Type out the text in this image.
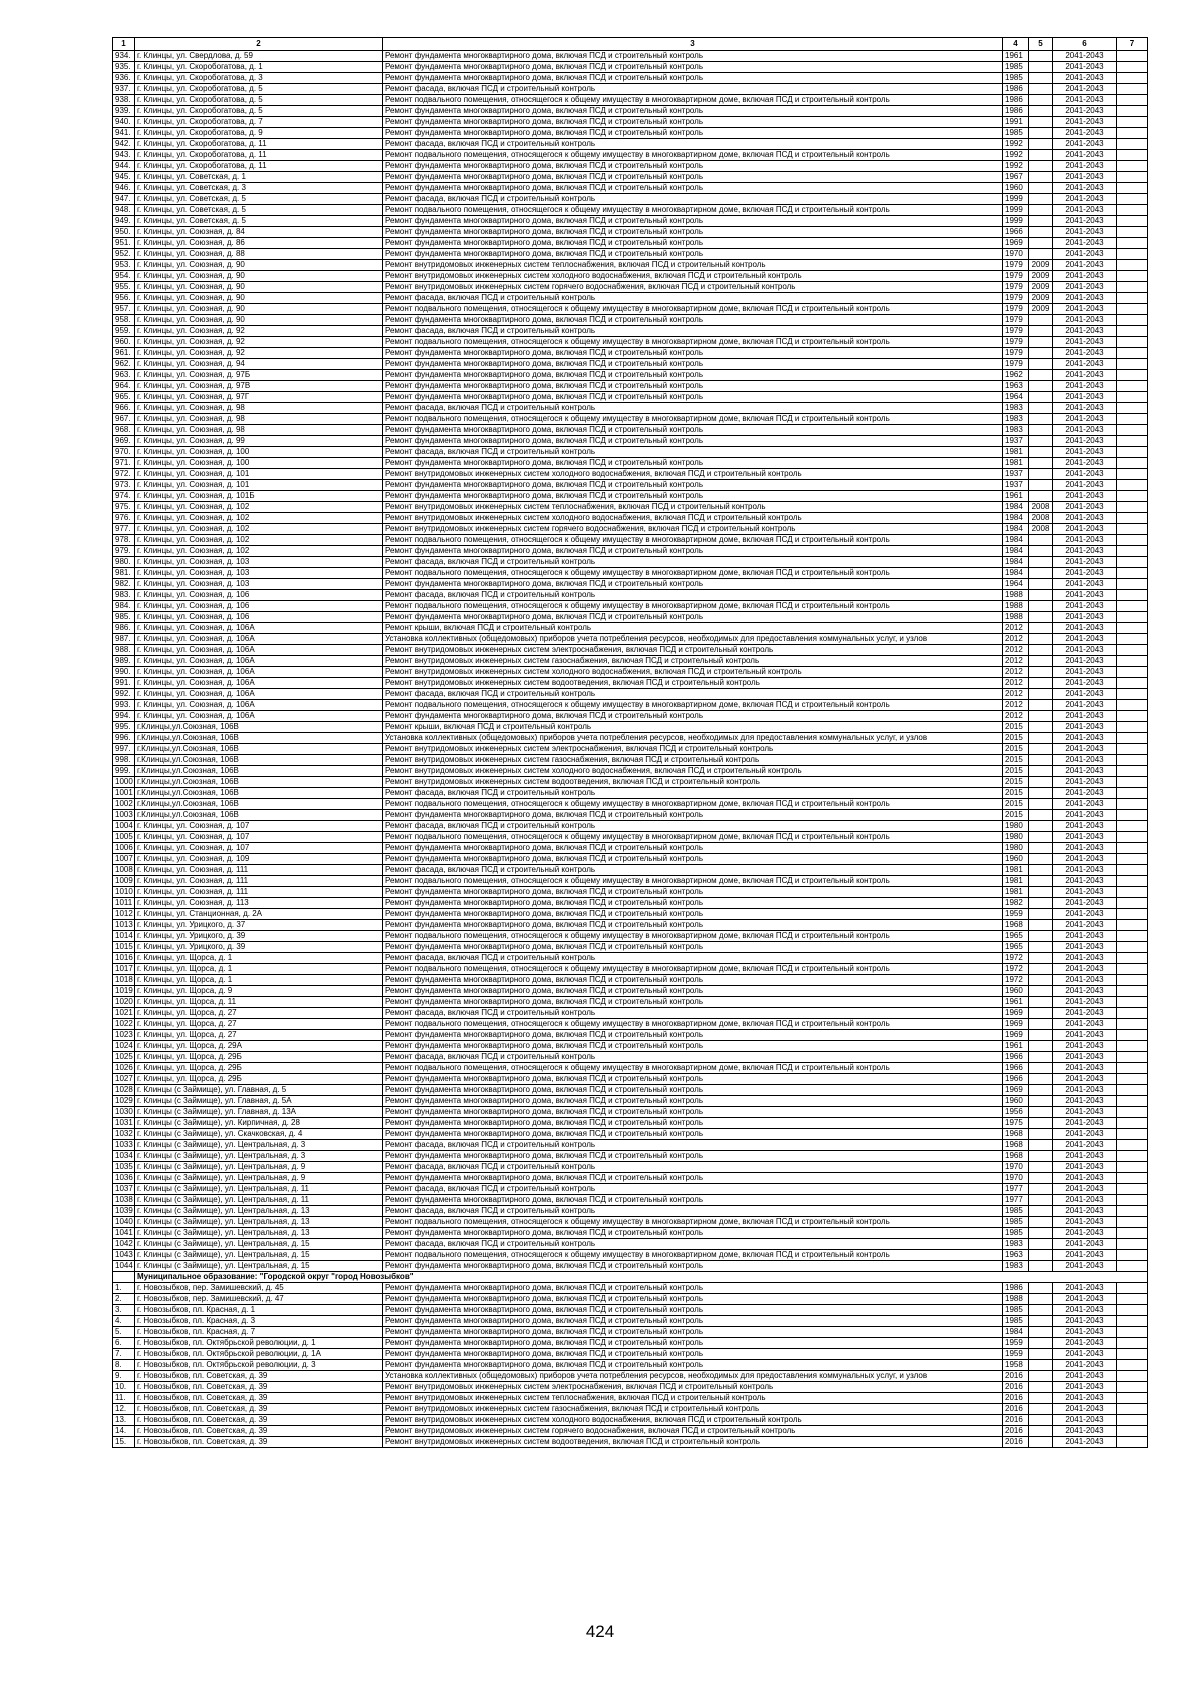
1	2	3	4	5	6	7
934.	г. Клинцы, ул. Свердлова, д. 59	Ремонт фундамента многоквартирного дома, включая ПСД и строительный контроль	1961		2041-2043	
935.	г. Клинцы, ул. Скоробогатова, д. 1	Ремонт фундамента многоквартирного дома, включая ПСД и строительный контроль	1985		2041-2043	
936.	г. Клинцы, ул. Скоробогатова, д. 3	Ремонт фундамента многоквартирного дома, включая ПСД и строительный контроль	1985		2041-2043	
937.	г. Клинцы, ул. Скоробогатова, д. 5	Ремонт фасада, включая ПСД и строительный контроль	1986		2041-2043	
938.	г. Клинцы, ул. Скоробогатова, д. 5	Ремонт подвального помещения, относящегося к общему имуществу в многоквартирном доме, включая ПСД и строительный контроль	1986		2041-2043	
939.	г. Клинцы, ул. Скоробогатова, д. 5	Ремонт фундамента многоквартирного дома, включая ПСД и строительный контроль	1986		2041-2043	
940.	г. Клинцы, ул. Скоробогатова, д. 7	Ремонт фундамента многоквартирного дома, включая ПСД и строительный контроль	1991		2041-2043	
941.	г. Клинцы, ул. Скоробогатова, д. 9	Ремонт фундамента многоквартирного дома, включая ПСД и строительный контроль	1985		2041-2043	
942.	г. Клинцы, ул. Скоробогатова, д. 11	Ремонт фасада, включая ПСД и строительный контроль	1992		2041-2043	
943.	г. Клинцы, ул. Скоробогатова, д. 11	Ремонт подвального помещения, относящегося к общему имуществу в многоквартирном доме, включая ПСД и строительный контроль	1992		2041-2043	
944.	г. Клинцы, ул. Скоробогатова, д. 11	Ремонт фундамента многоквартирного дома, включая ПСД и строительный контроль	1992		2041-2043	
945.	г. Клинцы, ул. Советская, д. 1	Ремонт фундамента многоквартирного дома, включая ПСД и строительный контроль	1967		2041-2043	
946.	г. Клинцы, ул. Советская, д. 3	Ремонт фундамента многоквартирного дома, включая ПСД и строительный контроль	1960		2041-2043	
947.	г. Клинцы, ул. Советская, д. 5	Ремонт фасада, включая ПСД и строительный контроль	1999		2041-2043	
948.	г. Клинцы, ул. Советская, д. 5	Ремонт подвального помещения, относящегося к общему имуществу в многоквартирном доме, включая ПСД и строительный контроль	1999		2041-2043	
949.	г. Клинцы, ул. Советская, д. 5	Ремонт фундамента многоквартирного дома, включая ПСД и строительный контроль	1999		2041-2043	
950.	г. Клинцы, ул. Союзная, д. 84	Ремонт фундамента многоквартирного дома, включая ПСД и строительный контроль	1966		2041-2043	
951.	г. Клинцы, ул. Союзная, д. 86	Ремонт фундамента многоквартирного дома, включая ПСД и строительный контроль	1969		2041-2043	
952.	г. Клинцы, ул. Союзная, д. 88	Ремонт фундамента многоквартирного дома, включая ПСД и строительный контроль	1970		2041-2043	
953.	г. Клинцы, ул. Союзная, д. 90	Ремонт внутридомовых инженерных систем теплоснабжения, включая ПСД и строительный контроль	1979	2009	2041-2043	
954.	г. Клинцы, ул. Союзная, д. 90	Ремонт внутридомовых инженерных систем холодного водоснабжения, включая ПСД и строительный контроль	1979	2009	2041-2043	
955.	г. Клинцы, ул. Союзная, д. 90	Ремонт внутридомовых инженерных систем горячего водоснабжения, включая ПСД и строительный контроль	1979	2009	2041-2043	
956.	г. Клинцы, ул. Союзная, д. 90	Ремонт фасада, включая ПСД и строительный контроль	1979	2009	2041-2043	
957.	г. Клинцы, ул. Союзная, д. 90	Ремонт подвального помещения, относящегося к общему имуществу в многоквартирном доме, включая ПСД и строительный контроль	1979	2009	2041-2043	
958.	г. Клинцы, ул. Союзная, д. 90	Ремонт фундамента многоквартирного дома, включая ПСД и строительный контроль	1979		2041-2043	
959.	г. Клинцы, ул. Союзная, д. 92	Ремонт фасада, включая ПСД и строительный контроль	1979		2041-2043	
960.	г. Клинцы, ул. Союзная, д. 92	Ремонт подвального помещения, относящегося к общему имуществу в многоквартирном доме, включая ПСД и строительный контроль	1979		2041-2043	
961.	г. Клинцы, ул. Союзная, д. 92	Ремонт фундамента многоквартирного дома, включая ПСД и строительный контроль	1979		2041-2043	
962.	г. Клинцы, ул. Союзная, д. 94	Ремонт фундамента многоквартирного дома, включая ПСД и строительный контроль	1979		2041-2043	
963.	г. Клинцы, ул. Союзная, д. 97Б	Ремонт фундамента многоквартирного дома, включая ПСД и строительный контроль	1962		2041-2043	
964.	г. Клинцы, ул. Союзная, д. 97В	Ремонт фундамента многоквартирного дома, включая ПСД и строительный контроль	1963		2041-2043	
965.	г. Клинцы, ул. Союзная, д. 97Г	Ремонт фундамента многоквартирного дома, включая ПСД и строительный контроль	1964		2041-2043	
966.	г. Клинцы, ул. Союзная, д. 98	Ремонт фасада, включая ПСД и строительный контроль	1983		2041-2043	
967.	г. Клинцы, ул. Союзная, д. 98	Ремонт подвального помещения, относящегося к общему имуществу в многоквартирном доме, включая ПСД и строительный контроль	1983		2041-2043	
968.	г. Клинцы, ул. Союзная, д. 98	Ремонт фундамента многоквартирного дома, включая ПСД и строительный контроль	1983		2041-2043	
969.	г. Клинцы, ул. Союзная, д. 99	Ремонт фундамента многоквартирного дома, включая ПСД и строительный контроль	1937		2041-2043	
970.	г. Клинцы, ул. Союзная, д. 100	Ремонт фасада, включая ПСД и строительный контроль	1981		2041-2043	
971.	г. Клинцы, ул. Союзная, д. 100	Ремонт фундамента многоквартирного дома, включая ПСД и строительный контроль	1981		2041-2043	
972.	г. Клинцы, ул. Союзная, д. 101	Ремонт внутридомовых инженерных систем холодного водоснабжения, включая ПСД и строительный контроль	1937		2041-2043	
973.	г. Клинцы, ул. Союзная, д. 101	Ремонт фундамента многоквартирного дома, включая ПСД и строительный контроль	1937		2041-2043	
974.	г. Клинцы, ул. Союзная, д. 101Б	Ремонт фундамента многоквартирного дома, включая ПСД и строительный контроль	1961		2041-2043	
975.	г. Клинцы, ул. Союзная, д. 102	Ремонт внутридомовых инженерных систем теплоснабжения, включая ПСД и строительный контроль	1984	2008	2041-2043	
976.	г. Клинцы, ул. Союзная, д. 102	Ремонт внутридомовых инженерных систем холодного водоснабжения, включая ПСД и строительный контроль	1984	2008	2041-2043	
977.	г. Клинцы, ул. Союзная, д. 102	Ремонт внутридомовых инженерных систем горячего водоснабжения, включая ПСД и строительный контроль	1984	2008	2041-2043	
978.	г. Клинцы, ул. Союзная, д. 102	Ремонт подвального помещения, относящегося к общему имуществу в многоквартирном доме, включая ПСД и строительный контроль	1984		2041-2043	
979.	г. Клинцы, ул. Союзная, д. 102	Ремонт фундамента многоквартирного дома, включая ПСД и строительный контроль	1984		2041-2043	
980.	г. Клинцы, ул. Союзная, д. 103	Ремонт фасада, включая ПСД и строительный контроль	1984		2041-2043	
981.	г. Клинцы, ул. Союзная, д. 103	Ремонт подвального помещения, относящегося к общему имуществу в многоквартирном доме, включая ПСД и строительный контроль	1984		2041-2043	
982.	г. Клинцы, ул. Союзная, д. 103	Ремонт фундамента многоквартирного дома, включая ПСД и строительный контроль	1964		2041-2043	
983.	г. Клинцы, ул. Союзная, д. 106	Ремонт фасада, включая ПСД и строительный контроль	1988		2041-2043	
984.	г. Клинцы, ул. Союзная, д. 106	Ремонт подвального помещения, относящегося к общему имуществу в многоквартирном доме, включая ПСД и строительный контроль	1988		2041-2043	
985.	г. Клинцы, ул. Союзная, д. 106	Ремонт фундамента многоквартирного дома, включая ПСД и строительный контроль	1988		2041-2043	
986.	г. Клинцы, ул. Союзная, д. 106А	Ремонт крыши, включая ПСД и строительный контроль	2012		2041-2043	
987.	г. Клинцы, ул. Союзная, д. 106А	Установка коллективных (общедомовых) приборов учета потребления ресурсов, необходимых для предоставления коммунальных услуг, и узлов	2012		2041-2043	
988.	г. Клинцы, ул. Союзная, д. 106А	Ремонт внутридомовых инженерных систем электроснабжения, включая ПСД и строительный контроль	2012		2041-2043	
989.	г. Клинцы, ул. Союзная, д. 106А	Ремонт внутридомовых инженерных систем газоснабжения, включая ПСД и строительный контроль	2012		2041-2043	
990.	г. Клинцы, ул. Союзная, д. 106А	Ремонт внутридомовых инженерных систем холодного водоснабжения, включая ПСД и строительный контроль	2012		2041-2043	
991.	г. Клинцы, ул. Союзная, д. 106А	Ремонт внутридомовых инженерных систем водоотведения, включая ПСД и строительный контроль	2012		2041-2043	
992.	г. Клинцы, ул. Союзная, д. 106А	Ремонт фасада, включая ПСД и строительный контроль	2012		2041-2043	
993.	г. Клинцы, ул. Союзная, д. 106А	Ремонт подвального помещения, относящегося к общему имуществу в многоквартирном доме, включая ПСД и строительный контроль	2012		2041-2043	
994.	г. Клинцы, ул. Союзная, д. 106А	Ремонт фундамента многоквартирного дома, включая ПСД и строительный контроль	2012		2041-2043	
995.	г.Клинцы,ул.Союзная, 106В	Ремонт крыши, включая ПСД и строительный контроль	2015		2041-2043	
996.	г.Клинцы,ул.Союзная, 106В	Установка коллективных (общедомовых) приборов учета потребления ресурсов, необходимых для предоставления коммунальных услуг, и узлов	2015		2041-2043	
997.	г.Клинцы,ул.Союзная, 106В	Ремонт внутридомовых инженерных систем электроснабжения, включая ПСД и строительный контроль	2015		2041-2043	
998.	г.Клинцы,ул.Союзная, 106В	Ремонт внутридомовых инженерных систем газоснабжения, включая ПСД и строительный контроль	2015		2041-2043	
999.	г.Клинцы,ул.Союзная, 106В	Ремонт внутридомовых инженерных систем холодного водоснабжения, включая ПСД и строительный контроль	2015		2041-2043	
1000	г.Клинцы,ул.Союзная, 106В	Ремонт внутридомовых инженерных систем водоотведения, включая ПСД и строительный контроль	2015		2041-2043	
1001	г.Клинцы,ул.Союзная, 106В	Ремонт фасада, включая ПСД и строительный контроль	2015		2041-2043	
1002	г.Клинцы,ул.Союзная, 106В	Ремонт подвального помещения, относящегося к общему имуществу в многоквартирном доме, включая ПСД и строительный контроль	2015		2041-2043	
1003	г.Клинцы,ул.Союзная, 106В	Ремонт фундамента многоквартирного дома, включая ПСД и строительный контроль	2015		2041-2043	
1004	г. Клинцы, ул. Союзная, д. 107	Ремонт фасада, включая ПСД и строительный контроль	1980		2041-2043	
1005	г. Клинцы, ул. Союзная, д. 107	Ремонт подвального помещения, относящегося к общему имуществу в многоквартирном доме, включая ПСД и строительный контроль	1980		2041-2043	
1006	г. Клинцы, ул. Союзная, д. 107	Ремонт фундамента многоквартирного дома, включая ПСД и строительный контроль	1980		2041-2043	
1007	г. Клинцы, ул. Союзная, д. 109	Ремонт фундамента многоквартирного дома, включая ПСД и строительный контроль	1960		2041-2043	
1008	г. Клинцы, ул. Союзная, д. 111	Ремонт фасада, включая ПСД и строительный контроль	1981		2041-2043	
1009	г. Клинцы, ул. Союзная, д. 111	Ремонт подвального помещения, относящегося к общему имуществу в многоквартирном доме, включая ПСД и строительный контроль	1981		2041-2043	
1010	г. Клинцы, ул. Союзная, д. 111	Ремонт фундамента многоквартирного дома, включая ПСД и строительный контроль	1981		2041-2043	
1011	г. Клинцы, ул. Союзная, д. 113	Ремонт фундамента многоквартирного дома, включая ПСД и строительный контроль	1982		2041-2043	
1012	г. Клинцы, ул. Станционная, д. 2А	Ремонт фундамента многоквартирного дома, включая ПСД и строительный контроль	1959		2041-2043	
1013	г. Клинцы, ул. Урицкого, д. 37	Ремонт фундамента многоквартирного дома, включая ПСД и строительный контроль	1968		2041-2043	
1014	г. Клинцы, ул. Урицкого, д. 39	Ремонт подвального помещения, относящегося к общему имуществу в многоквартирном доме, включая ПСД и строительный контроль	1965		2041-2043	
1015	г. Клинцы, ул. Урицкого, д. 39	Ремонт фундамента многоквартирного дома, включая ПСД и строительный контроль	1965		2041-2043	
1016	г. Клинцы, ул. Щорса, д. 1	Ремонт фасада, включая ПСД и строительный контроль	1972		2041-2043	
1017	г. Клинцы, ул. Щорса, д. 1	Ремонт подвального помещения, относящегося к общему имуществу в многоквартирном доме, включая ПСД и строительный контроль	1972		2041-2043	
1018	г. Клинцы, ул. Щорса, д. 1	Ремонт фундамента многоквартирного дома, включая ПСД и строительный контроль	1972		2041-2043	
1019	г. Клинцы, ул. Щорса, д. 9	Ремонт фундамента многоквартирного дома, включая ПСД и строительный контроль	1960		2041-2043	
1020	г. Клинцы, ул. Щорса, д. 11	Ремонт фундамента многоквартирного дома, включая ПСД и строительный контроль	1961		2041-2043	
1021	г. Клинцы, ул. Щорса, д. 27	Ремонт фасада, включая ПСД и строительный контроль	1969		2041-2043	
1022	г. Клинцы, ул. Щорса, д. 27	Ремонт подвального помещения, относящегося к общему имуществу в многоквартирном доме, включая ПСД и строительный контроль	1969		2041-2043	
1023	г. Клинцы, ул. Щорса, д. 27	Ремонт фундамента многоквартирного дома, включая ПСД и строительный контроль	1969		2041-2043	
1024	г. Клинцы, ул. Щорса, д. 29А	Ремонт фундамента многоквартирного дома, включая ПСД и строительный контроль	1961		2041-2043	
1025	г. Клинцы, ул. Щорса, д. 29Б	Ремонт фасада, включая ПСД и строительный контроль	1966		2041-2043	
1026	г. Клинцы, ул. Щорса, д. 29Б	Ремонт подвального помещения, относящегося к общему имуществу в многоквартирном доме, включая ПСД и строительный контроль	1966		2041-2043	
1027	г. Клинцы, ул. Щорса, д. 29Б	Ремонт фундамента многоквартирного дома, включая ПСД и строительный контроль	1966		2041-2043	
1028	г. Клинцы (с Займище), ул. Главная, д. 5	Ремонт фундамента многоквартирного дома, включая ПСД и строительный контроль	1969		2041-2043	
1029	г. Клинцы (с Займище), ул. Главная, д. 5А	Ремонт фундамента многоквартирного дома, включая ПСД и строительный контроль	1960		2041-2043	
1030	г. Клинцы (с Займище), ул. Главная, д. 13А	Ремонт фундамента многоквартирного дома, включая ПСД и строительный контроль	1956		2041-2043	
1031	г. Клинцы (с Займище), ул. Кирпичная, д. 28	Ремонт фундамента многоквартирного дома, включая ПСД и строительный контроль	1975		2041-2043	
1032	г. Клинцы (с Займище), ул. Скачковская, д. 4	Ремонт фундамента многоквартирного дома, включая ПСД и строительный контроль	1968		2041-2043	
1033	г. Клинцы (с Займище), ул. Центральная, д. 3	Ремонт фасада, включая ПСД и строительный контроль	1968		2041-2043	
1034	г. Клинцы (с Займище), ул. Центральная, д. 3	Ремонт фундамента многоквартирного дома, включая ПСД и строительный контроль	1968		2041-2043	
1035	г. Клинцы (с Займище), ул. Центральная, д. 9	Ремонт фасада, включая ПСД и строительный контроль	1970		2041-2043	
1036	г. Клинцы (с Займище), ул. Центральная, д. 9	Ремонт фундамента многоквартирного дома, включая ПСД и строительный контроль	1970		2041-2043	
1037	г. Клинцы (с Займище), ул. Центральная, д. 11	Ремонт фасада, включая ПСД и строительный контроль	1977		2041-2043	
1038	г. Клинцы (с Займище), ул. Центральная, д. 11	Ремонт фундамента многоквартирного дома, включая ПСД и строительный контроль	1977		2041-2043	
1039	г. Клинцы (с Займище), ул. Центральная, д. 13	Ремонт фасада, включая ПСД и строительный контроль	1985		2041-2043	
1040	г. Клинцы (с Займище), ул. Центральная, д. 13	Ремонт подвального помещения, относящегося к общему имуществу в многоквартирном доме, включая ПСД и строительный контроль	1985		2041-2043	
1041	г. Клинцы (с Займище), ул. Центральная, д. 13	Ремонт фундамента многоквартирного дома, включая ПСД и строительный контроль	1985		2041-2043	
1042	г. Клинцы (с Займище), ул. Центральная, д. 15	Ремонт фасада, включая ПСД и строительный контроль	1983		2041-2043	
1043	г. Клинцы (с Займище), ул. Центральная, д. 15	Ремонт подвального помещения, относящегося к общему имуществу в многоквартирном доме, включая ПСД и строительный контроль	1963		2041-2043	
1044	г. Клинцы (с Займище), ул. Центральная, д. 15	Ремонт фундамента многоквартирного дома, включая ПСД и строительный контроль	1983		2041-2043	
	Муниципальное образование: "Городской округ "город Новозыбков"					
1.	г. Новозыбков, пер. Замишевский, д. 45	Ремонт фундамента многоквартирного дома, включая ПСД и строительный контроль	1986		2041-2043	
2.	г. Новозыбков, пер. Замишевский, д. 47	Ремонт фундамента многоквартирного дома, включая ПСД и строительный контроль	1988		2041-2043	
3.	г. Новозыбков, пл. Красная, д. 1	Ремонт фундамента многоквартирного дома, включая ПСД и строительный контроль	1985		2041-2043	
4.	г. Новозыбков, пл. Красная, д. 3	Ремонт фундамента многоквартирного дома, включая ПСД и строительный контроль	1985		2041-2043	
5.	г. Новозыбков, пл. Красная, д. 7	Ремонт фундамента многоквартирного дома, включая ПСД и строительный контроль	1984		2041-2043	
6.	г. Новозыбков, пл. Октябрьской революции, д. 1	Ремонт фундамента многоквартирного дома, включая ПСД и строительный контроль	1959		2041-2043	
7.	г. Новозыбков, пл. Октябрьской революции, д. 1А	Ремонт фундамента многоквартирного дома, включая ПСД и строительный контроль	1959		2041-2043	
8.	г. Новозыбков, пл. Октябрьской революции, д. 3	Ремонт фундамента многоквартирного дома, включая ПСД и строительный контроль	1958		2041-2043	
9.	г. Новозыбков, пл. Советская, д. 39	Установка коллективных (общедомовых) приборов учета потребления ресурсов, необходимых для предоставления коммунальных услуг, и узлов	2016		2041-2043	
10.	г. Новозыбков, пл. Советская, д. 39	Ремонт внутридомовых инженерных систем электроснабжения, включая ПСД и строительный контроль	2016		2041-2043	
11.	г. Новозыбков, пл. Советская, д. 39	Ремонт внутридомовых инженерных систем теплоснабжения, включая ПСД и строительный контроль	2016		2041-2043	
12.	г. Новозыбков, пл. Советская, д. 39	Ремонт внутридомовых инженерных систем газоснабжения, включая ПСД и строительный контроль	2016		2041-2043	
13.	г. Новозыбков, пл. Советская, д. 39	Ремонт внутридомовых инженерных систем холодного водоснабжения, включая ПСД и строительный контроль	2016		2041-2043	
14.	г. Новозыбков, пл. Советская, д. 39	Ремонт внутридомовых инженерных систем горячего водоснабжения, включая ПСД и строительный контроль	2016		2041-2043	
15.	г. Новозыбков, пл. Советская, д. 39	Ремонт внутридомовых инженерных систем водоотведения, включая ПСД и строительный контроль	2016		2041-2043	
424
